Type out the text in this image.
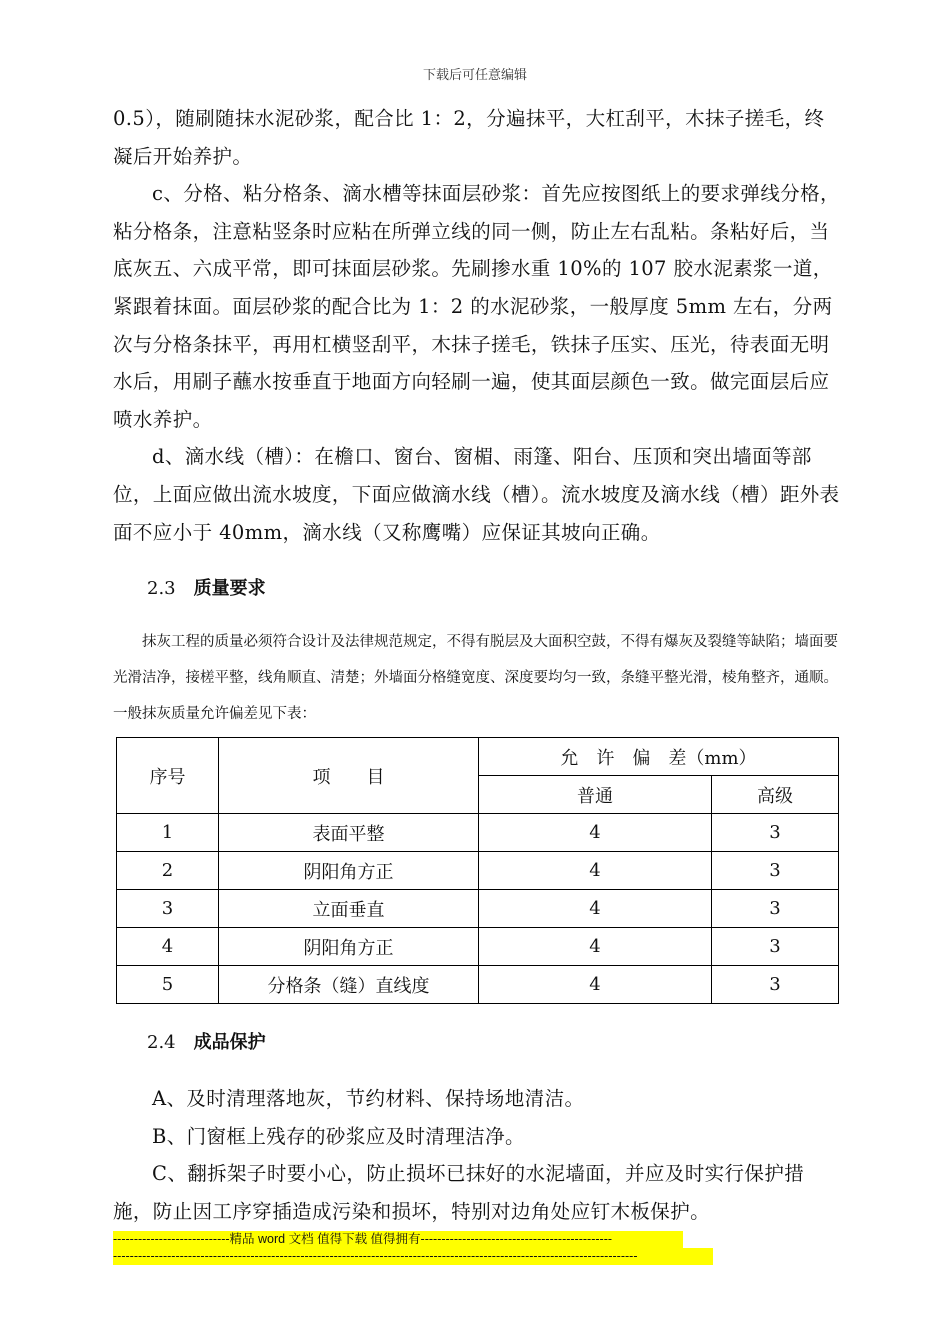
下载后可任意编辑

0.5），随刷随抹水泥砂浆，配合比 1：2，分遍抹平，大杠刮平，木抹子搓毛，终凝后开始养护。

c、分格、粘分格条、滴水槽等抹面层砂浆：首先应按图纸上的要求弹线分格，粘分格条，注意粘竖条时应粘在所弹立线的同一侧，防止左右乱粘。条粘好后，当底灰五、六成平常，即可抹面层砂浆。先刷掺水重 10%的 107 胶水泥素浆一道，紧跟着抹面。面层砂浆的配合比为 1：2 的水泥砂浆，一般厚度 5mm 左右，分两次与分格条抹平，再用杠横竖刮平，木抹子搓毛，铁抹子压实、压光，待表面无明水后，用刷子蘸水按垂直于地面方向轻刷一遍，使其面层颜色一致。做完面层后应喷水养护。

d、滴水线（槽）：在檐口、窗台、窗楣、雨篷、阳台、压顶和突出墙面等部位，上面应做出流水坡度，下面应做滴水线（槽）。流水坡度及滴水线（槽）距外表面不应小于 40mm，滴水线（又称鹰嘴）应保证其坡向正确。

2.3 质量要求

抹灰工程的质量必须符合设计及法律规范规定，不得有脱层及大面积空鼓，不得有爆灰及裂缝等缺陷；墙面要光滑洁净，接槎平整，线角顺直、清楚；外墙面分格缝宽度、深度要均匀一致，条缝平整光滑，棱角整齐，通顺。一般抹灰质量允许偏差见下表：

序号	项　　目	允　许　偏　差（mm）	
		普通	高级
1	表面平整	4	3
2	阴阳角方正	4	3
3	立面垂直	4	3
4	阴阳角方正	4	3
5	分格条（缝）直线度	4	3
2.4 成品保护

A、及时清理落地灰，节约材料、保持场地清洁。

B、门窗框上残存的砂浆应及时清理洁净。

C、翻拆架子时要小心，防止损坏已抹好的水泥墙面，并应及时实行保护措施，防止因工序穿插造成污染和损坏，特别对边角处应钉木板保护。

----------------------------精品 word 文档 值得下载 值得拥有----------------------------------------------
------------------------------------------------------------------------------------------------------------------------------
